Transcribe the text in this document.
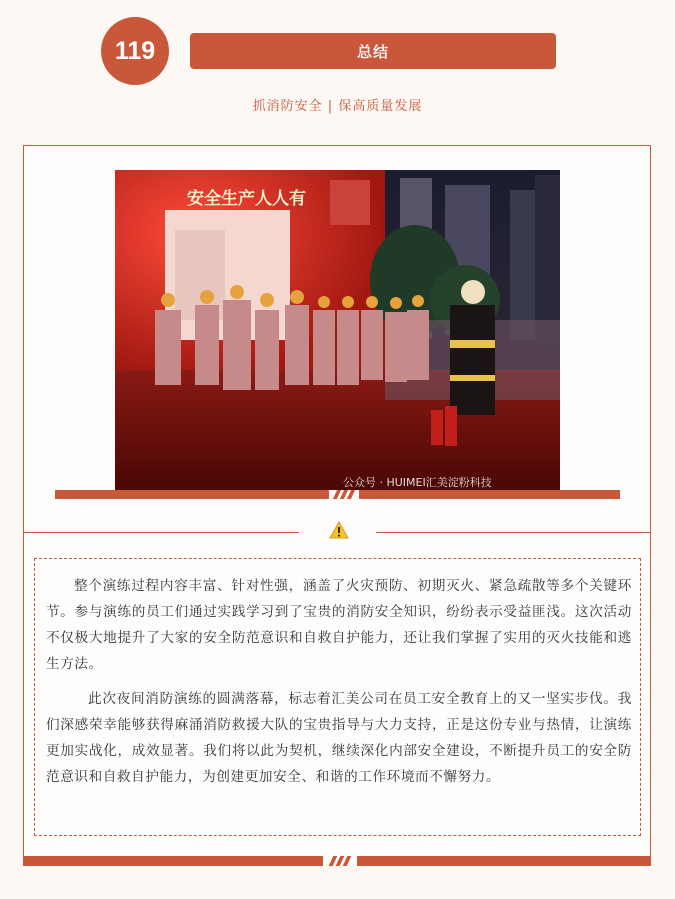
119	总结
抓消防安全 | 保高质量发展
安全生产人人有
公众号 · HUIMEI汇美淀粉科技

整个演练过程内容丰富、针对性强，涵盖了火灾预防、初期灭火、紧急疏散等多个关键环节。参与演练的员工们通过实践学习到了宝贵的消防安全知识，纷纷表示受益匪浅。这次活动不仅极大地提升了大家的安全防范意识和自救自护能力，还让我们掌握了实用的灭火技能和逃生方法。

此次夜间消防演练的圆满落幕，标志着汇美公司在员工安全教育上的又一坚实步伐。我们深感荣幸能够获得麻涌消防救援大队的宝贵指导与大力支持，正是这份专业与热情，让演练更加实战化，成效显著。我们将以此为契机，继续深化内部安全建设，不断提升员工的安全防范意识和自救自护能力，为创建更加安全、和谐的工作环境而不懈努力。
